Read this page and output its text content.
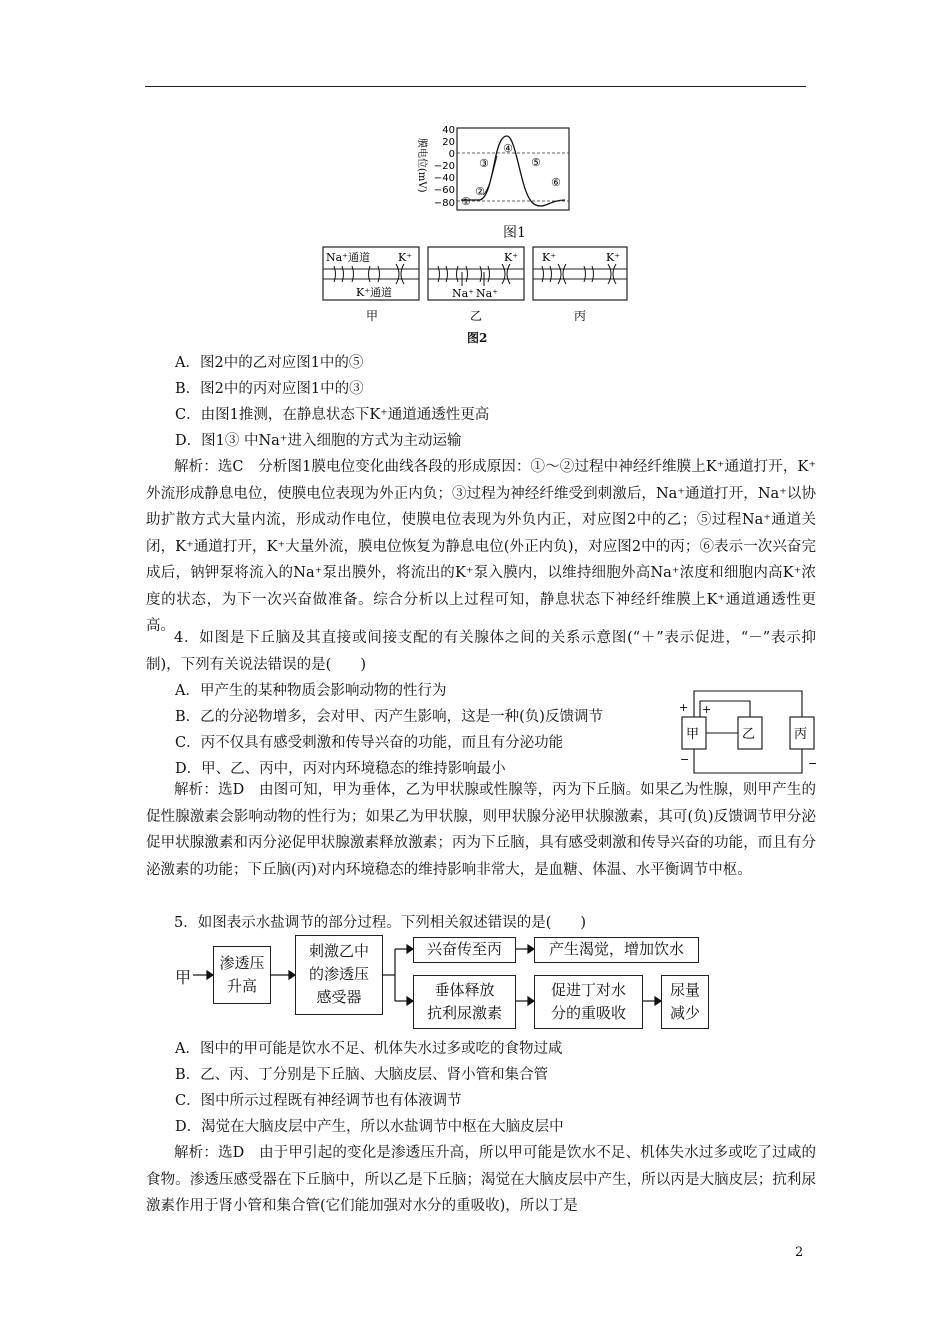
膜电位(mV)
40
20
0
−20
−40
−60
−80 ①
②
③
④
⑤
⑥
图1
Na⁺通道	K⁺
K⁺通道
K⁺
Na⁺ Na⁺
K⁺	K⁺
甲	乙	丙
图2
A．图2中的乙对应图1中的⑤
B．图2中的丙对应图1中的③
C．由图1推测，在静息状态下K⁺通道通透性更高
D．图1③ 中Na⁺进入细胞的方式为主动运输

解析：选C　分析图1膜电位变化曲线各段的形成原因：①～②过程中神经纤维膜上K⁺通道打开，K⁺外流形成静息电位，使膜电位表现为外正内负；③过程为神经纤维受到刺激后，Na⁺通道打开，Na⁺以协助扩散方式大量内流，形成动作电位，使膜电位表现为外负内正，对应图2中的乙；⑤过程Na⁺通道关闭，K⁺通道打开，K⁺大量外流，膜电位恢复为静息电位(外正内负)，对应图2中的丙；⑥表示一次兴奋完成后，钠钾泵将流入的Na⁺泵出膜外，将流出的K⁺泵入膜内，以维持细胞外高Na⁺浓度和细胞内高K⁺浓度的状态，为下一次兴奋做准备。综合分析以上过程可知，静息状态下神经纤维膜上K⁺通道通透性更高。

4．如图是下丘脑及其直接或间接支配的有关腺体之间的关系示意图(“＋”表示促进，“－”表示抑制)，下列有关说法错误的是(　　)

A．甲产生的某种物质会影响动物的性行为
B．乙的分泌物增多，会对甲、丙产生影响，这是一种(负)反馈调节
C．丙不仅具有感受刺激和传导兴奋的功能，而且有分泌功能
D．甲、乙、丙中，丙对内环境稳态的维持影响最小
甲	乙	丙
+ +
−	−

解析：选D　由图可知，甲为垂体，乙为甲状腺或性腺等，丙为下丘脑。如果乙为性腺，则甲产生的促性腺激素会影响动物的性行为；如果乙为甲状腺，则甲状腺分泌甲状腺激素，其可(负)反馈调节甲分泌促甲状腺激素和丙分泌促甲状腺激素释放激素；丙为下丘脑，具有感受刺激和传导兴奋的功能，而且有分泌激素的功能；下丘脑(丙)对内环境稳态的维持影响非常大，是血糖、体温、水平衡调节中枢。

5．如图表示水盐调节的部分过程。下列相关叙述错误的是(　　)

甲
渗透压
升高
刺激乙中
的渗透压
感受器
兴奋传至丙	产生渴觉，增加饮水
垂体释放
抗利尿激素
促进丁对水
分的重吸收
尿量
减少
A．图中的甲可能是饮水不足、机体失水过多或吃的食物过咸
B．乙、丙、丁分别是下丘脑、大脑皮层、肾小管和集合管
C．图中所示过程既有神经调节也有体液调节
D．渴觉在大脑皮层中产生，所以水盐调节中枢在大脑皮层中

解析：选D　由于甲引起的变化是渗透压升高，所以甲可能是饮水不足、机体失水过多或吃了过咸的食物。渗透压感受器在下丘脑中，所以乙是下丘脑；渴觉在大脑皮层中产生，所以丙是大脑皮层；抗利尿激素作用于肾小管和集合管(它们能加强对水分的重吸收)，所以丁是

2
